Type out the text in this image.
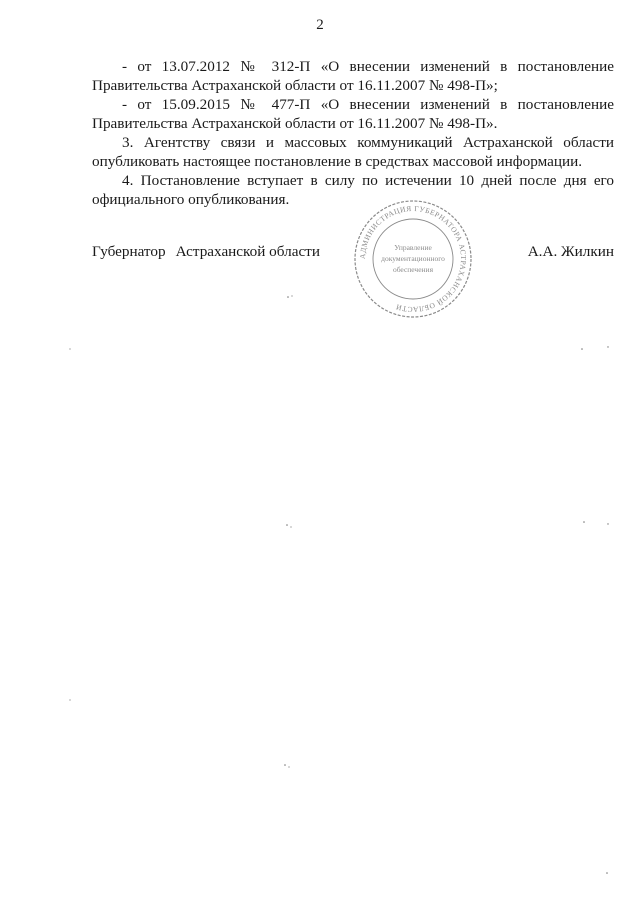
2

- от 13.07.2012 № 312-П «О внесении изменений в постановление Правительства Астраханской области от 16.11.2007 № 498-П»;

- от 15.09.2015 № 477-П «О внесении изменений в постановление Правительства Астраханской области от 16.11.2007 № 498-П».

3. Агентству связи и массовых коммуникаций Астраханской области опубликовать настоящее постановление в средствах массовой информации.

4. Постановление вступает в силу по истечении 10 дней после дня его официального опубликования.

Губернатор Астраханской области	А.А. Жилкин
АДМИНИСТРАЦИЯ ГУБЕРНАТОРА АСТРАХАНСКОЙ ОБЛАСТИ
Управление
документационного
обеспечения
